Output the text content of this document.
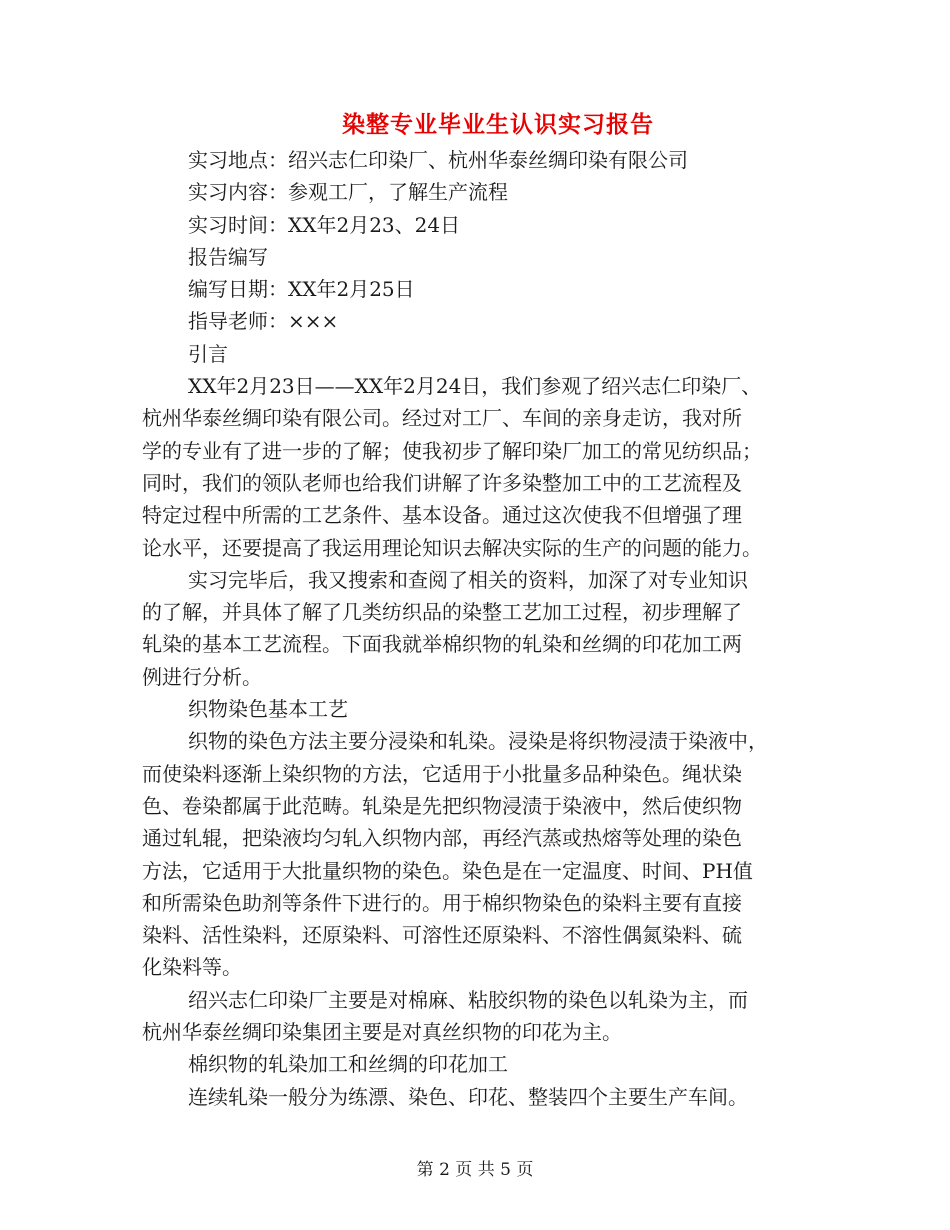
染整专业毕业生认识实习报告
实习地点：绍兴志仁印染厂、杭州华泰丝绸印染有限公司
实习内容：参观工厂，了解生产流程
实习时间：XX年2月23、24日
报告编写
编写日期：XX年2月25日
指导老师：×××
引言
XX年2月23日——XX年2月24日，我们参观了绍兴志仁印染厂、
杭州华泰丝绸印染有限公司。经过对工厂、车间的亲身走访，我对所
学的专业有了进一步的了解；使我初步了解印染厂加工的常见纺织品；
同时，我们的领队老师也给我们讲解了许多染整加工中的工艺流程及
特定过程中所需的工艺条件、基本设备。通过这次使我不但增强了理
论水平，还要提高了我运用理论知识去解决实际的生产的问题的能力。
实习完毕后，我又搜索和查阅了相关的资料，加深了对专业知识
的了解，并具体了解了几类纺织品的染整工艺加工过程，初步理解了
轧染的基本工艺流程。下面我就举棉织物的轧染和丝绸的印花加工两
例进行分析。
织物染色基本工艺
织物的染色方法主要分浸染和轧染。浸染是将织物浸渍于染液中，
而使染料逐渐上染织物的方法，它适用于小批量多品种染色。绳状染
色、卷染都属于此范畴。轧染是先把织物浸渍于染液中，然后使织物
通过轧辊，把染液均匀轧入织物内部，再经汽蒸或热熔等处理的染色
方法，它适用于大批量织物的染色。染色是在一定温度、时间、PH值
和所需染色助剂等条件下进行的。用于棉织物染色的染料主要有直接
染料、活性染料，还原染料、可溶性还原染料、不溶性偶氮染料、硫
化染料等。
绍兴志仁印染厂主要是对棉麻、粘胶织物的染色以轧染为主，而
杭州华泰丝绸印染集团主要是对真丝织物的印花为主。
棉织物的轧染加工和丝绸的印花加工
连续轧染一般分为练漂、染色、印花、整装四个主要生产车间。
第 2 页 共 5 页
